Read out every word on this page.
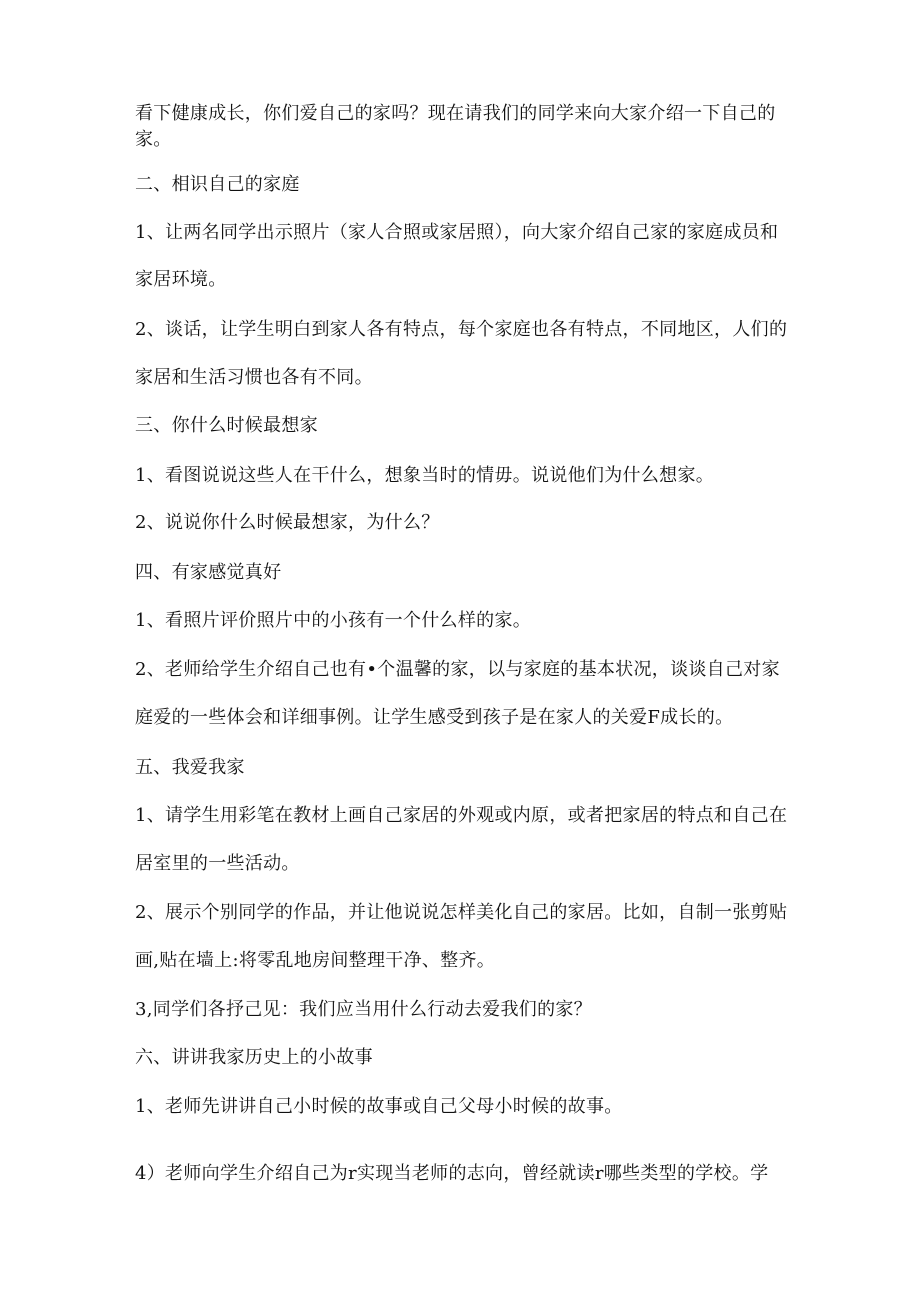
看下健康成长，你们爱自己的家吗？现在请我们的同学来向大家介绍一下自己的
家。
二、相识自己的家庭
1、让两名同学出示照片（家人合照或家居照），向大家介绍自己家的家庭成员和
家居环境。
2、谈话，让学生明白到家人各有特点，每个家庭也各有特点，不同地区，人们的
家居和生活习惯也各有不同。
三、你什么时候最想家
1、看图说说这些人在干什么，想象当时的情毋。说说他们为什么想家。
2、说说你什么时候最想家，为什么？
四、有家感觉真好
1、看照片评价照片中的小孩有一个什么样的家。
2、老师给学生介绍自己也有•个温馨的家，以与家庭的基本状况，谈谈自己对家
庭爱的一些体会和详细事例。让学生感受到孩子是在家人的关爱F成长的。
五、我爱我家
1、请学生用彩笔在教材上画自己家居的外观或内原，或者把家居的特点和自己在
居室里的一些活动。
2、展示个别同学的作品，并让他说说怎样美化自己的家居。比如，自制一张剪贴
画,贴在墙上:将零乱地房间整理干净、整齐。
3,同学们各抒己见：我们应当用什么行动去爱我们的家？
六、讲讲我家历史上的小故事
1、老师先讲讲自己小时候的故事或自己父母小时候的故事。
4）老师向学生介绍自己为r实现当老师的志向，曾经就读r哪些类型的学校。学
